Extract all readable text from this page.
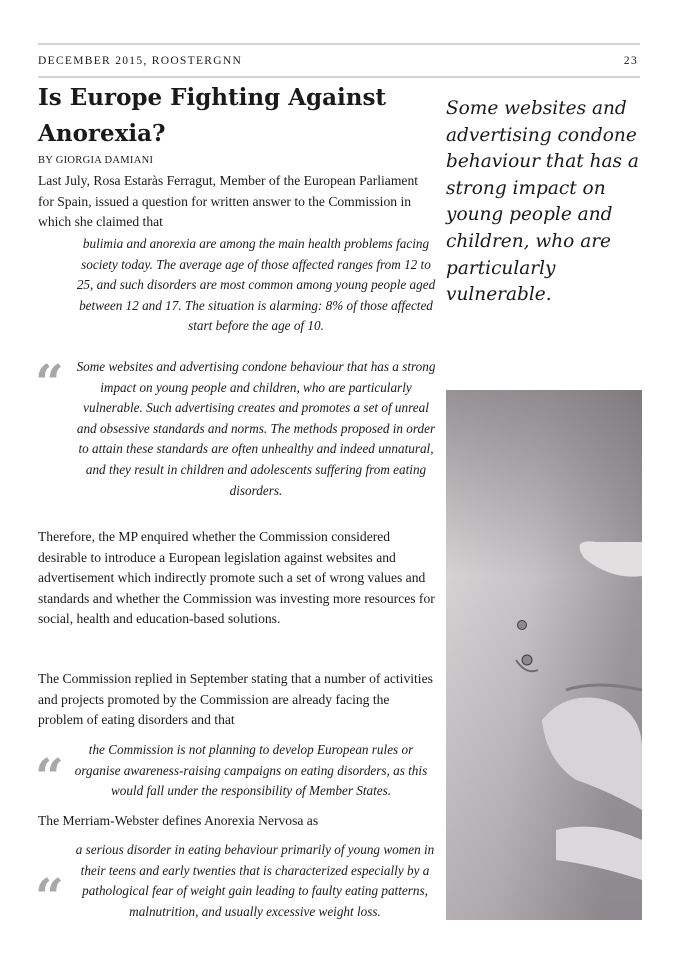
DECEMBER 2015, ROOSTERGNN	23
Is Europe Fighting Against Anorexia?
BY GIORGIA DAMIANI

Last July, Rosa Estaràs Ferragut, Member of the European Parliament for Spain, issued a question for written answer to the Commission in which she claimed that

bulimia and anorexia are among the main health problems facing society today. The average age of those affected ranges from 12 to 25, and such disorders are most common among young people aged between 12 and 17. The situation is alarming: 8% of those affected start before the age of 10.

“ Some websites and advertising condone behaviour that has a strong impact on young people and children, who are particularly vulnerable. Such advertising creates and promotes a set of unreal and obsessive standards and norms. The methods proposed in order to attain these standards are often unhealthy and indeed unnatural, and they result in children and adolescents suffering from eating disorders.

Therefore, the MP enquired whether the Commission considered desirable to introduce a European legislation against websites and advertisement which indirectly promote such a set of wrong values and standards and whether the Commission was investing more resources for social, health and education-based solutions.

The Commission replied in September stating that a number of activities and projects promoted by the Commission are already facing the problem of eating disorders and that

“	the Commission is not planning to develop European rules or organise awareness-raising campaigns on eating disorders, as this would fall under the responsibility of Member States.

The Merriam-Webster defines Anorexia Nervosa as

“

a serious disorder in eating behaviour primarily of young women in their teens and early twenties that is characterized especially by a pathological fear of weight gain leading to faulty eating patterns, malnutrition, and usually excessive weight loss.

Some websites and advertising condone behaviour that has a strong impact on young people and children, who are particularly vulnerable.
